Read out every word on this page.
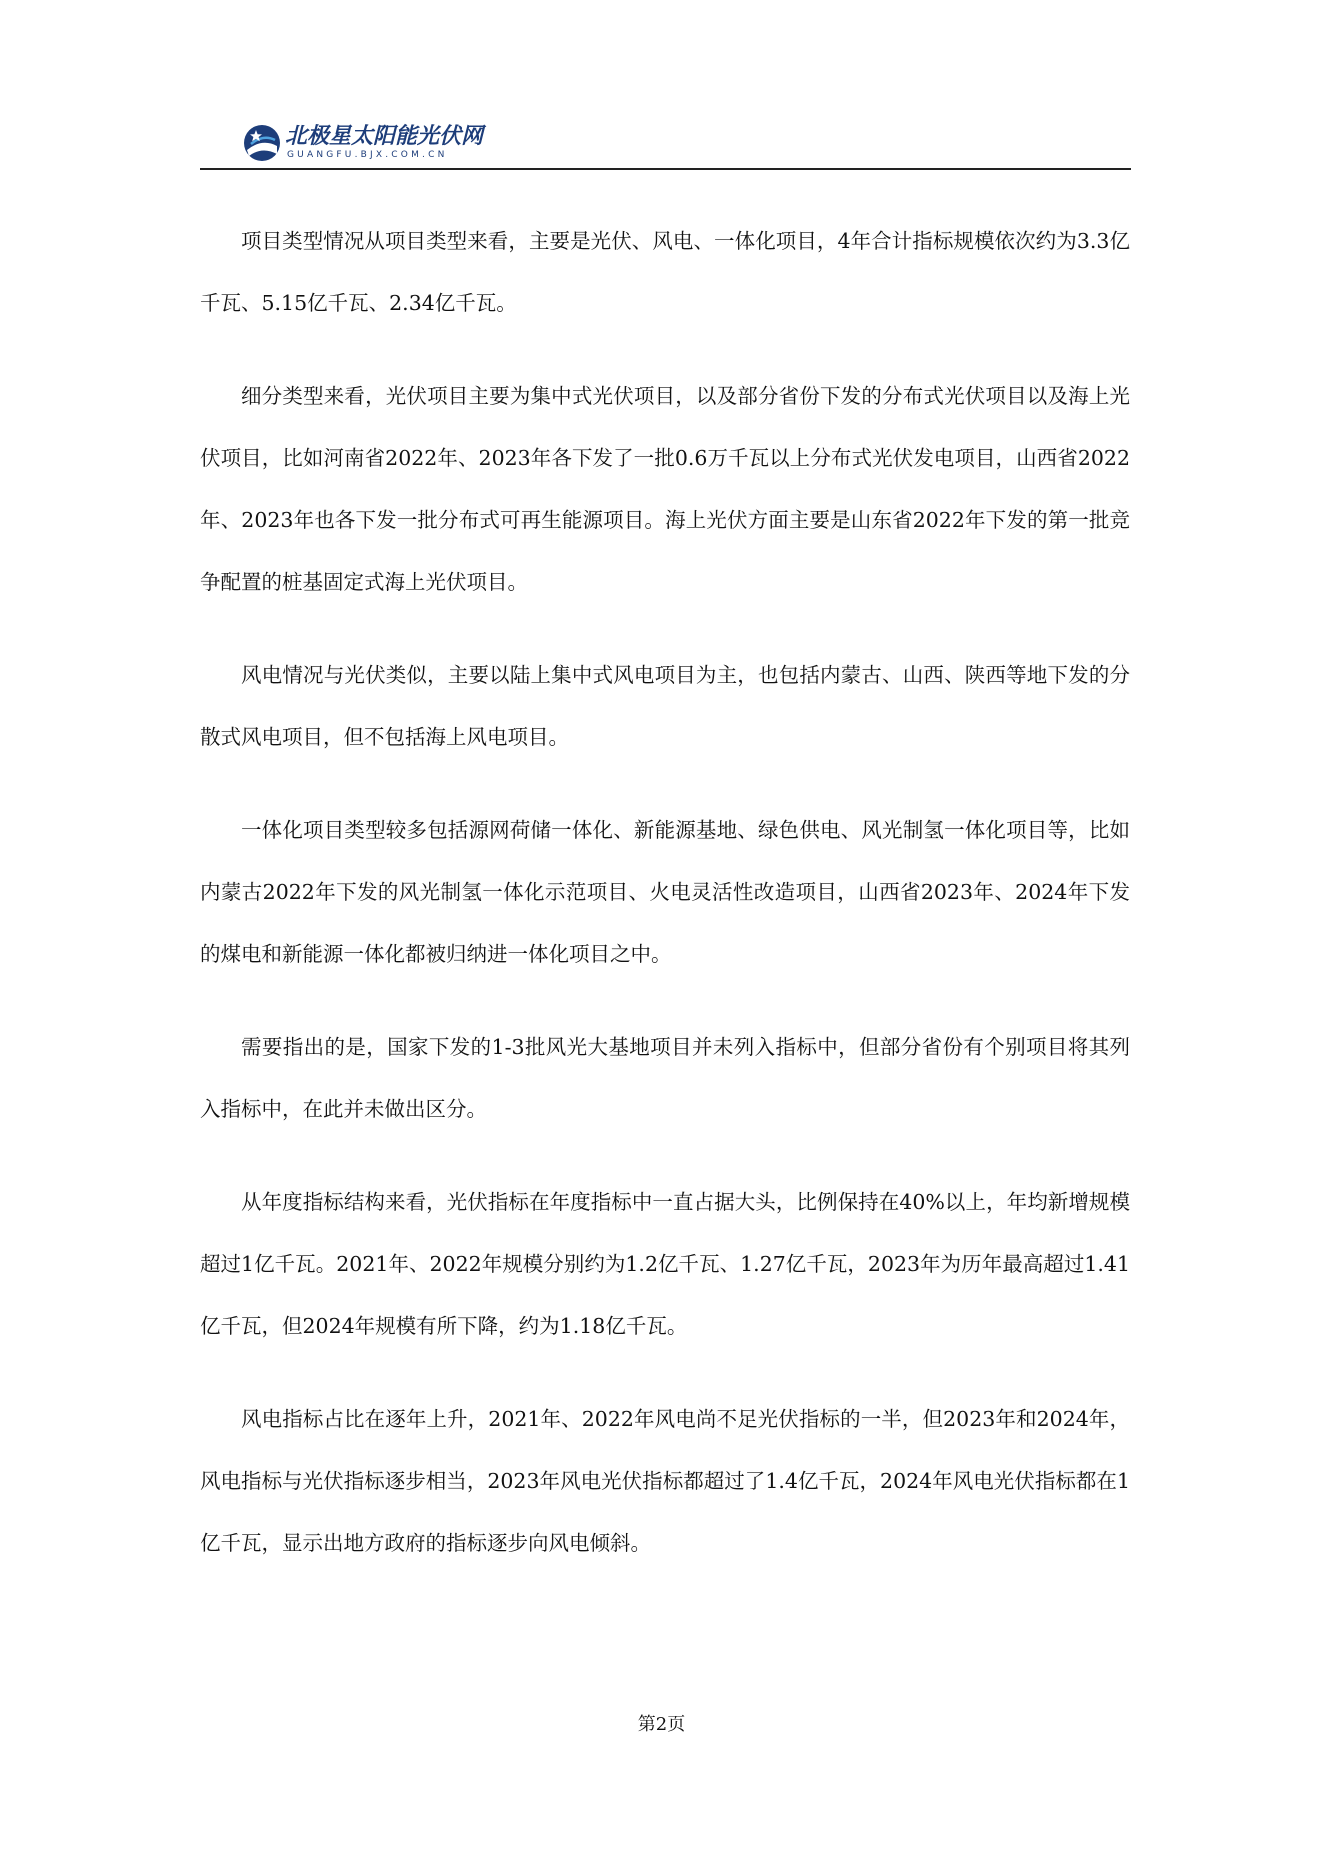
北极星太阳能光伏网
GUANGFU.BJX.COM.CN

项目类型情况从项目类型来看，主要是光伏、风电、一体化项目，4年合计指标规模依次约为3.3亿千瓦、5.15亿千瓦、2.34亿千瓦。

细分类型来看，光伏项目主要为集中式光伏项目，以及部分省份下发的分布式光伏项目以及海上光伏项目，比如河南省2022年、2023年各下发了一批0.6万千瓦以上分布式光伏发电项目，山西省2022年、2023年也各下发一批分布式可再生能源项目。海上光伏方面主要是山东省2022年下发的第一批竞争配置的桩基固定式海上光伏项目。

风电情况与光伏类似，主要以陆上集中式风电项目为主，也包括内蒙古、山西、陕西等地下发的分散式风电项目，但不包括海上风电项目。

一体化项目类型较多包括源网荷储一体化、新能源基地、绿色供电、风光制氢一体化项目等，比如内蒙古2022年下发的风光制氢一体化示范项目、火电灵活性改造项目，山西省2023年、2024年下发的煤电和新能源一体化都被归纳进一体化项目之中。

需要指出的是，国家下发的1-3批风光大基地项目并未列入指标中，但部分省份有个别项目将其列入指标中，在此并未做出区分。

从年度指标结构来看，光伏指标在年度指标中一直占据大头，比例保持在40%以上，年均新增规模超过1亿千瓦。2021年、2022年规模分别约为1.2亿千瓦、1.27亿千瓦，2023年为历年最高超过1.41亿千瓦，但2024年规模有所下降，约为1.18亿千瓦。

风电指标占比在逐年上升，2021年、2022年风电尚不足光伏指标的一半，但2023年和2024年，风电指标与光伏指标逐步相当，2023年风电光伏指标都超过了1.4亿千瓦，2024年风电光伏指标都在1亿千瓦，显示出地方政府的指标逐步向风电倾斜。

第2页
